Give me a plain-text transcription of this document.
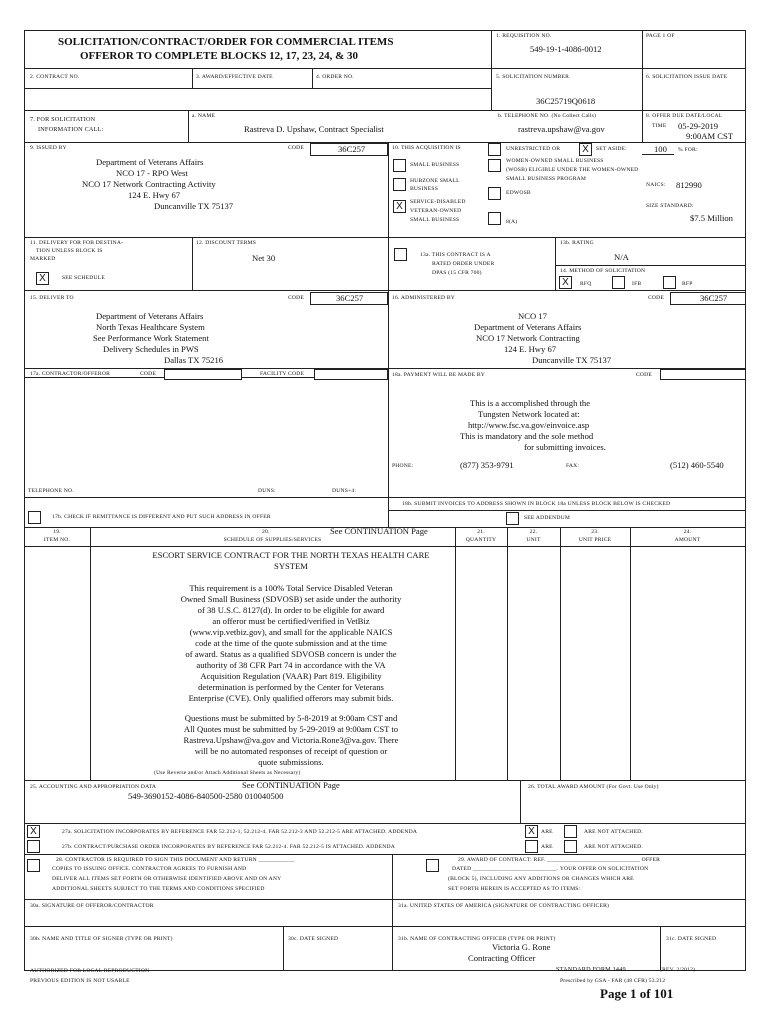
SOLICITATION/CONTRACT/ORDER FOR COMMERCIAL ITEMS
OFFEROR TO COMPLETE BLOCKS 12, 17, 23, 24, & 30
1. REQUISITION NO.
549-19-1-4086-0012
PAGE 1 OF
2. CONTRACT NO.	3. AWARD/EFFECTIVE DATE	4. ORDER NO.	5. SOLICITATION NUMBER
36C25719Q0618
6. SOLICITATION ISSUE DATE
7. FOR SOLICITATION
INFORMATION CALL:
a. NAME
Rastreva D. Upshaw, Contract Specialist
b. TELEPHONE NO. (No Collect Calls)
rastreva.upshaw@va.gov
8. OFFER DUE DATE/LOCAL
TIME 05-29-2019
9:00AM CST
9. ISSUED BY	CODE	36C257
Department of Veterans Affairs
NCO 17 - RPO West
NCO 17 Network Contracting Activity
124 E. Hwy 67
Duncanville TX 75137
10. THIS ACQUISITION IS	UNRESTRICTED OR	X	SET ASIDE:	100 % FOR:
SMALL BUSINESS
HUBZONE SMALL
BUSINESS
X	SERVICE-DISABLED
VETERAN-OWNED
SMALL BUSINESS
WOMEN-OWNED SMALL BUSINESS
(WOSB) ELIGIBLE UNDER THE WOMEN-OWNED
SMALL BUSINESS PROGRAM
EDWOSB
8(A)
NAICS: 812990
SIZE STANDARD:
$7.5 Million
11. DELIVERY FOR FOB DESTINA-
TION UNLESS BLOCK IS
MARKED
X	SEE SCHEDULE
12. DISCOUNT TERMS
Net 30	13a. THIS CONTRACT IS A
RATED ORDER UNDER
DPAS (15 CFR 700)
13b. RATING
N/A
14. METHOD OF SOLICITATION
X	RFQ	IFB	RFP
15. DELIVER TO	CODE	36C257
Department of Veterans Affairs
North Texas Healthcare System
See Performance Work Statement
Delivery Schedules in PWS
Dallas TX 75216
16. ADMINISTERED BY	CODE	36C257
NCO 17
Department of Veterans Affairs
NCO 17 Network Contracting
124 E. Hwy 67
Duncanville TX 75137
17a. CONTRACTOR/OFFEROR	CODE	FACILITY CODE
TELEPHONE NO.	DUNS:	DUNS+4:
17b. CHECK IF REMITTANCE IS DIFFERENT AND PUT SUCH ADDRESS IN OFFER
18a. PAYMENT WILL BE MADE BY	CODE
This is a accomplished through the
Tungsten Network located at:
http://www.fsc.va.gov/einvoice.asp
This is mandatory and the sole method
for submitting invoices.
PHONE:	(877) 353-9791	FAX:	(512) 460-5540
18b. SUBMIT INVOICES TO ADDRESS SHOWN IN BLOCK 18a UNLESS BLOCK BELOW IS CHECKED
SEE ADDENDUM
19.
ITEM NO.
20.	See CONTINUATION Page
SCHEDULE OF SUPPLIES/SERVICES
21.
QUANTITY
22.
UNIT
23.
UNIT PRICE
24.
AMOUNT
ESCORT SERVICE CONTRACT FOR THE NORTH TEXAS HEALTH CARE
SYSTEM
This requirement is a 100% Total Service Disabled Veteran
Owned Small Business (SDVOSB) set aside under the authority
of 38 U.S.C. 8127(d). In order to be eligible for award
an offeror must be certified/verified in VetBiz
(www.vip.vetbiz.gov), and small for the applicable NAICS
code at the time of the quote submission and at the time
of award. Status as a qualified SDVOSB concern is under the
authority of 38 CFR Part 74 in accordance with the VA
Acquisition Regulation (VAAR) Part 819. Eligibility
determination is performed by the Center for Veterans
Enterprise (CVE). Only qualified offerors may submit bids.
Questions must be submitted by 5-8-2019 at 9:00am CST and
All Quotes must be submitted by 5-29-2019 at 9:00am CST to
Rastreva.Upshaw@va.gov and Victoria.Rone3@va.gov. There
will be no automated responses of receipt of question or
quote submissions.
(Use Reverse and/or Attach Additional Sheets as Necessary)
25. ACCOUNTING AND APPROPRIATION DATA	See CONTINUATION Page
549-3690152-4086-840500-2580 010040500
26. TOTAL AWARD AMOUNT (For Govt. Use Only)
X	27a. SOLICITATION INCORPORATES BY REFERENCE FAR 52.212-1, 52.212-4. FAR 52.212-3 AND 52.212-5 ARE ATTACHED. ADDENDA	X	ARE	ARE NOT ATTACHED.
27b. CONTRACT/PURCHASE ORDER INCORPORATES BY REFERENCE FAR 52.212-4. FAR 52.212-5 IS ATTACHED. ADDENDA	ARE	ARE NOT ATTACHED.
28. CONTRACTOR IS REQUIRED TO SIGN THIS DOCUMENT AND RETURN ____________
COPIES TO ISSUING OFFICE. CONTRACTOR AGREES TO FURNISH AND
DELIVER ALL ITEMS SET FORTH OR OTHERWISE IDENTIFIED ABOVE AND ON ANY
ADDITIONAL SHEETS SUBJECT TO THE TERMS AND CONDITIONS SPECIFIED
29. AWARD OF CONTRACT: REF. _______________________________ OFFER
DATED ____________________________. YOUR OFFER ON SOLICITATION
(BLOCK 5), INCLUDING ANY ADDITIONS OR CHANGES WHICH ARE
SET FORTH HEREIN IS ACCEPTED AS TO ITEMS:
30a. SIGNATURE OF OFFEROR/CONTRACTOR	31a. UNITED STATES OF AMERICA (SIGNATURE OF CONTRACTING OFFICER)
30b. NAME AND TITLE OF SIGNER (TYPE OR PRINT)	30c. DATE SIGNED	31b. NAME OF CONTRACTING OFFICER (TYPE OR PRINT)
Victoria G. Rone
Contracting Officer
31c. DATE SIGNED
AUTHORIZED FOR LOCAL REPRODUCTION
PREVIOUS EDITION IS NOT USABLE
STANDARD FORM 1449	(REV. 2/2012)
Prescribed by GSA - FAR (48 CFR) 53.212
Page 1 of 101
